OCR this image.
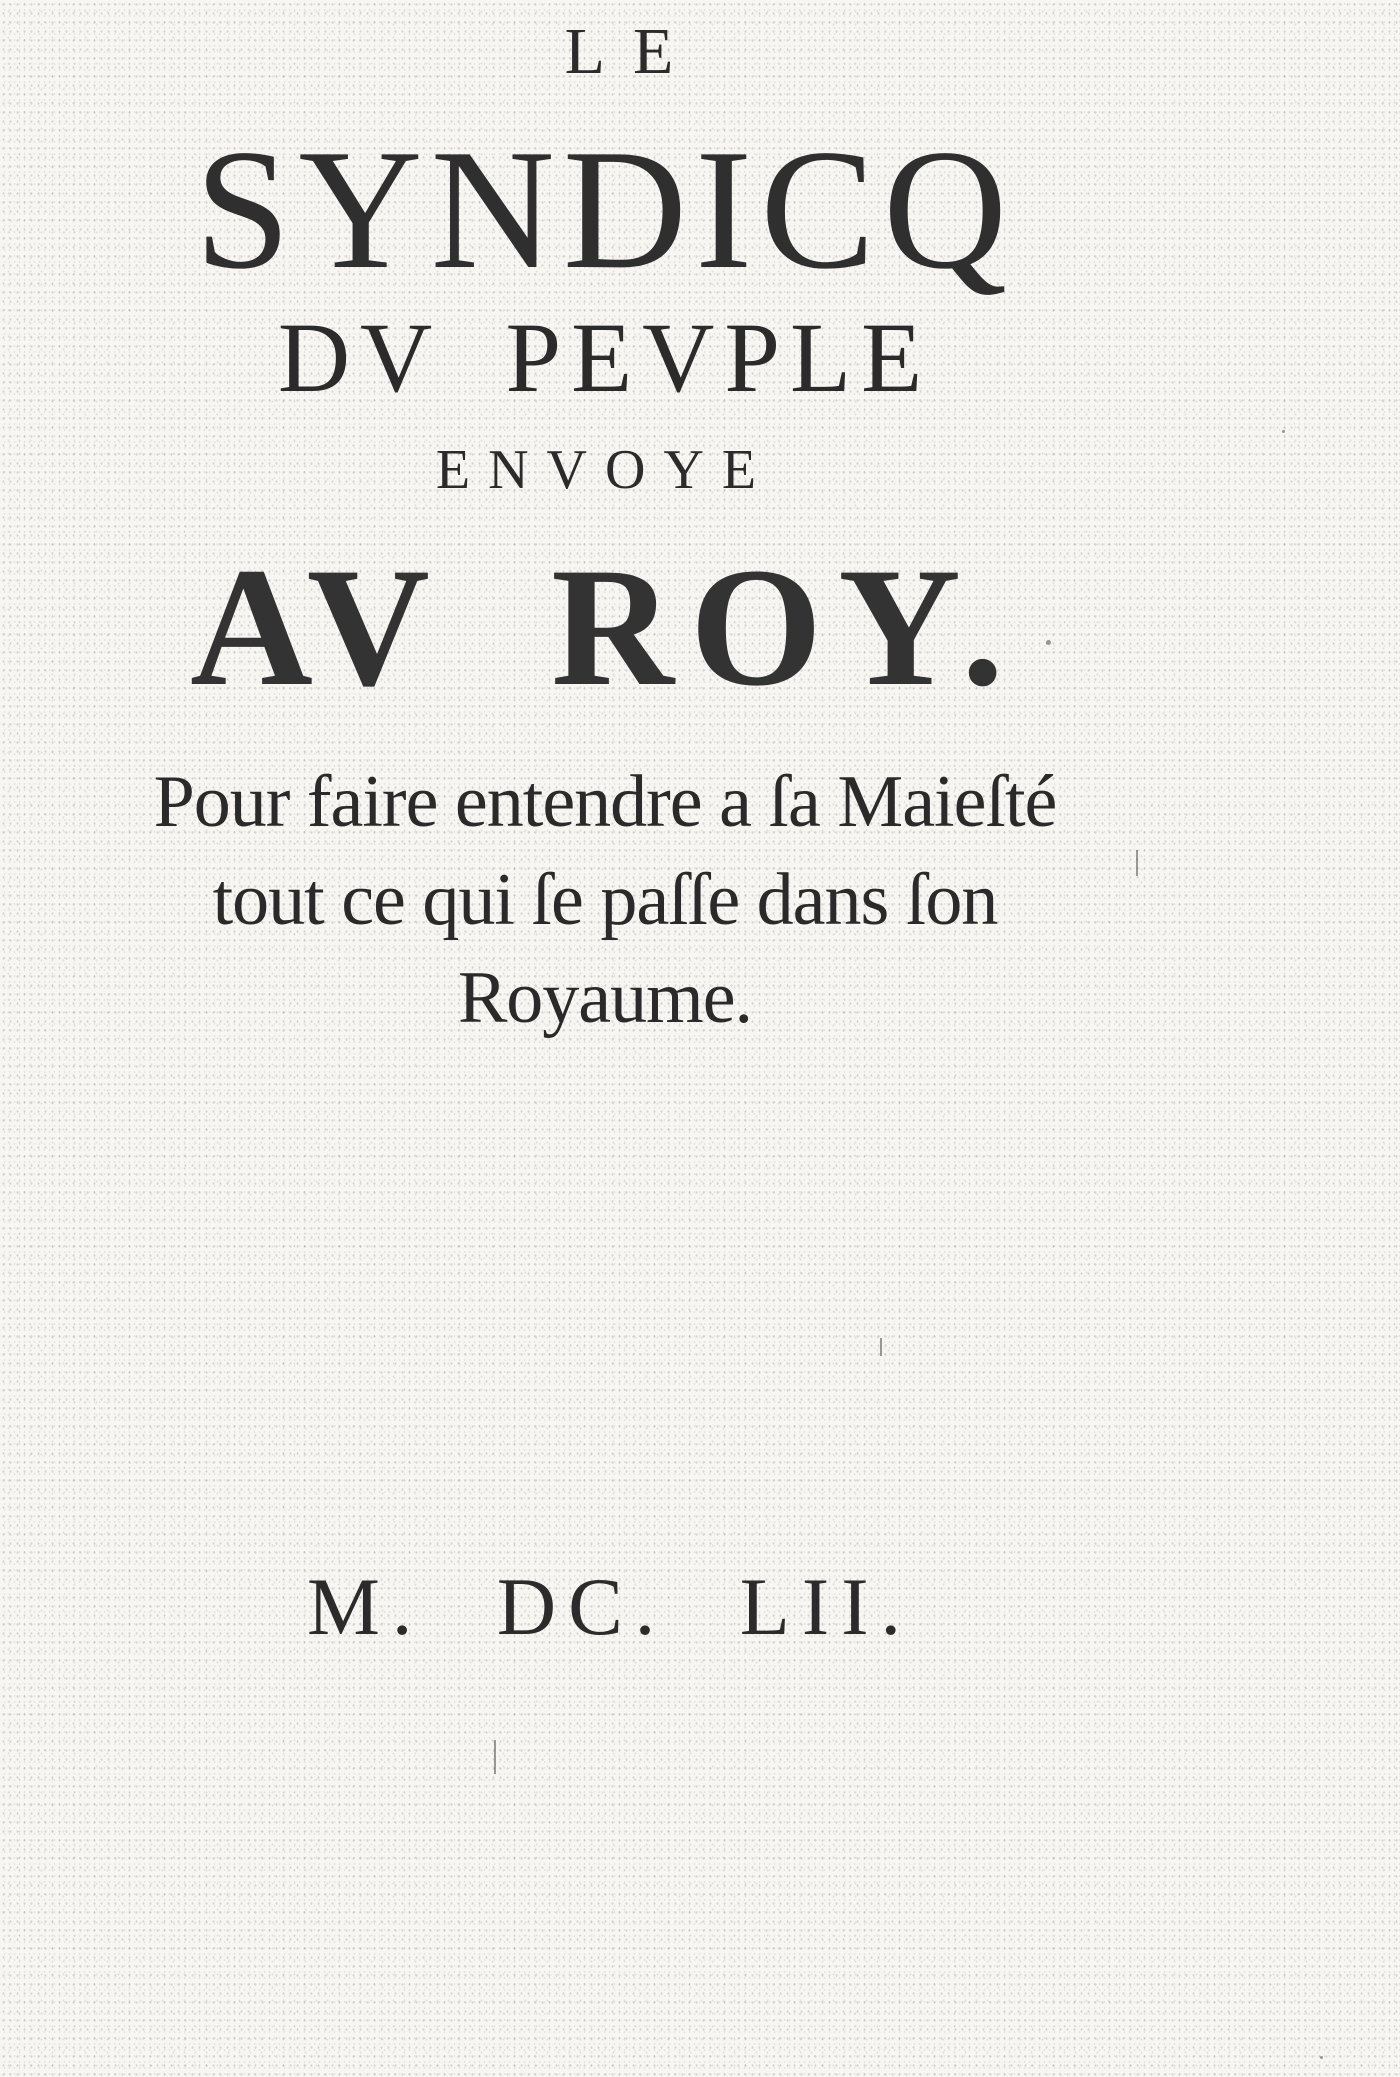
LE
SYNDICQ
DV PEVPLE
ENVOYE
AV ROY.
Pour faire entendre a ſa Maieſté
tout ce qui ſe paſſe dans ſon
Royaume.
M. DC. LII.
